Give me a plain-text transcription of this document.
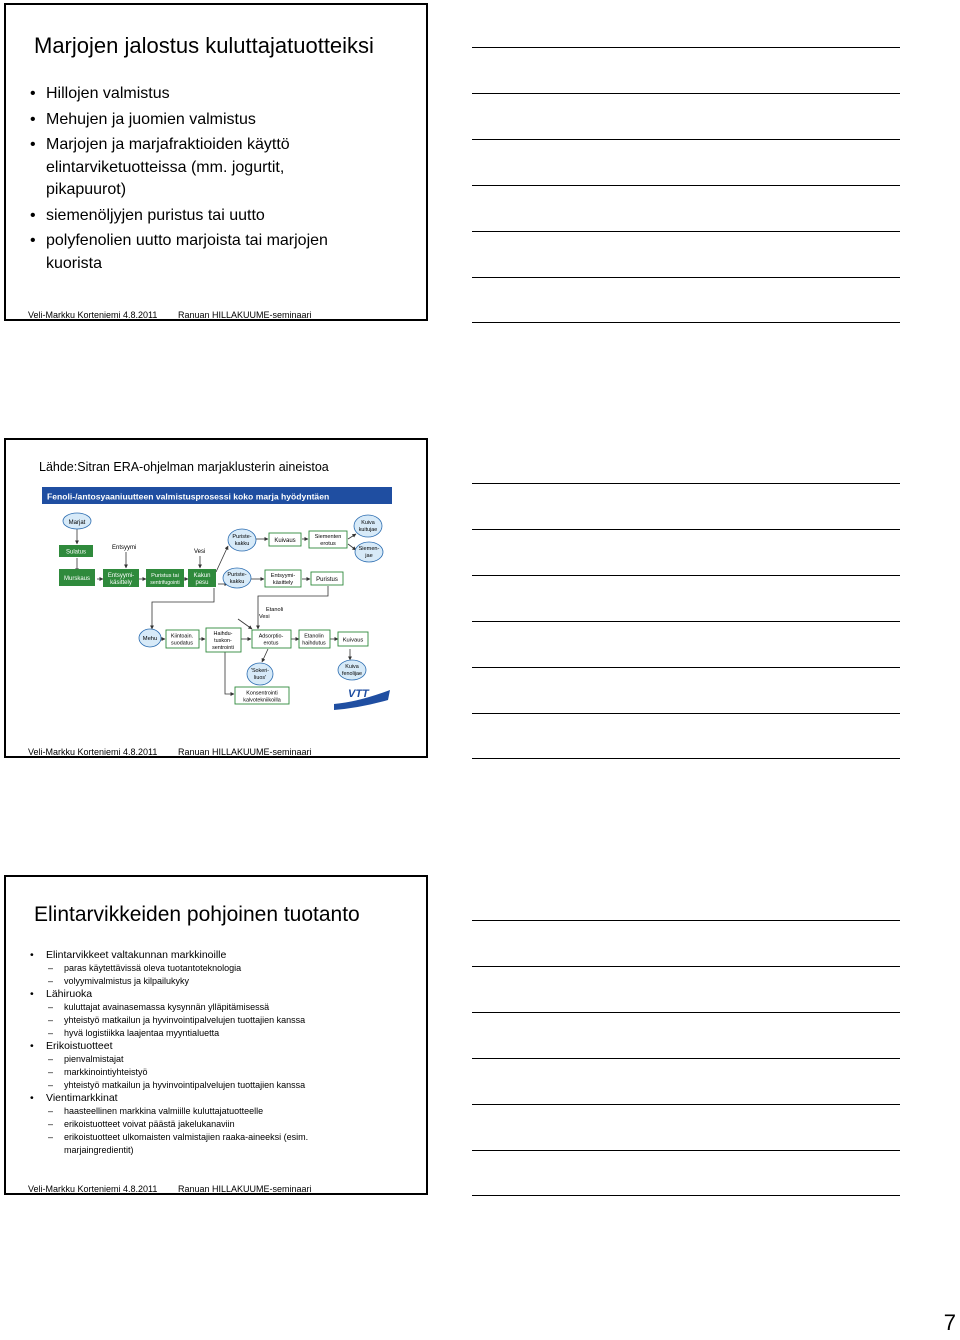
Marjojen jalostus kuluttajatuotteiksi
• Hillojen valmistus
• Mehujen ja juomien valmistus
• Marjojen ja marjafraktioiden käyttö
elintarviketuotteissa (mm. jogurtit,
pikapuurot)
• siemenöljyjen puristus tai uutto
• polyfenolien uutto marjoista tai marjojen
kuorista
Veli-Markku Korteniemi 4.8.2011 Ranuan HILLAKUUME-seminaari
Lähde:Sitran ERA-ohjelman marjaklusterin aineistoa
Fenoli-/antosyaaniuutteen valmistusprosessi koko marja hyödyntäen
Marjat
Sulatus
Entsyymi
Vesi
Murskaus	Entsyymi-
käsittely
Puristus tai
sentrifugointi
Kakun
pesu
Puriste-
kakku	Kuivaus
Siementen
erotus
Kuiva
kuitujae
Siemen-
jae
Puriste-
kakku
Entsyymi-
käsittely	Puristus
Etanoli
Vesi
Mehu	Kiintoain.
suodatus
Haihdu-
tuskon-
sentrointi
Adsorptio-
erotus
Etanolin
haihdutus	Kuivaus
'Sokeri-
liuos'
Kuiva
fenolijae
Konsentrointi
kalvotekniikoilla
VTT
Veli-Markku Korteniemi 4.8.2011 Ranuan HILLAKUUME-seminaari
Elintarvikkeiden pohjoinen tuotanto
• Elintarvikkeet valtakunnan markkinoille
– paras käytettävissä oleva tuotantoteknologia
– volyymivalmistus ja kilpailukyky
• Lähiruoka
– kuluttajat avainasemassa kysynnän ylläpitämisessä
– yhteistyö matkailun ja hyvinvointipalvelujen tuottajien kanssa
– hyvä logistiikka laajentaa myyntialuetta
• Erikoistuotteet
– pienvalmistajat
– markkinointiyhteistyö
– yhteistyö matkailun ja hyvinvointipalvelujen tuottajien kanssa
• Vientimarkkinat
– haasteellinen markkina valmiille kuluttajatuotteelle
– erikoistuotteet voivat päästä jakelukanaviin
– erikoistuotteet ulkomaisten valmistajien raaka-aineeksi (esim.
marjaingredientit)
Veli-Markku Korteniemi 4.8.2011 Ranuan HILLAKUUME-seminaari
7
